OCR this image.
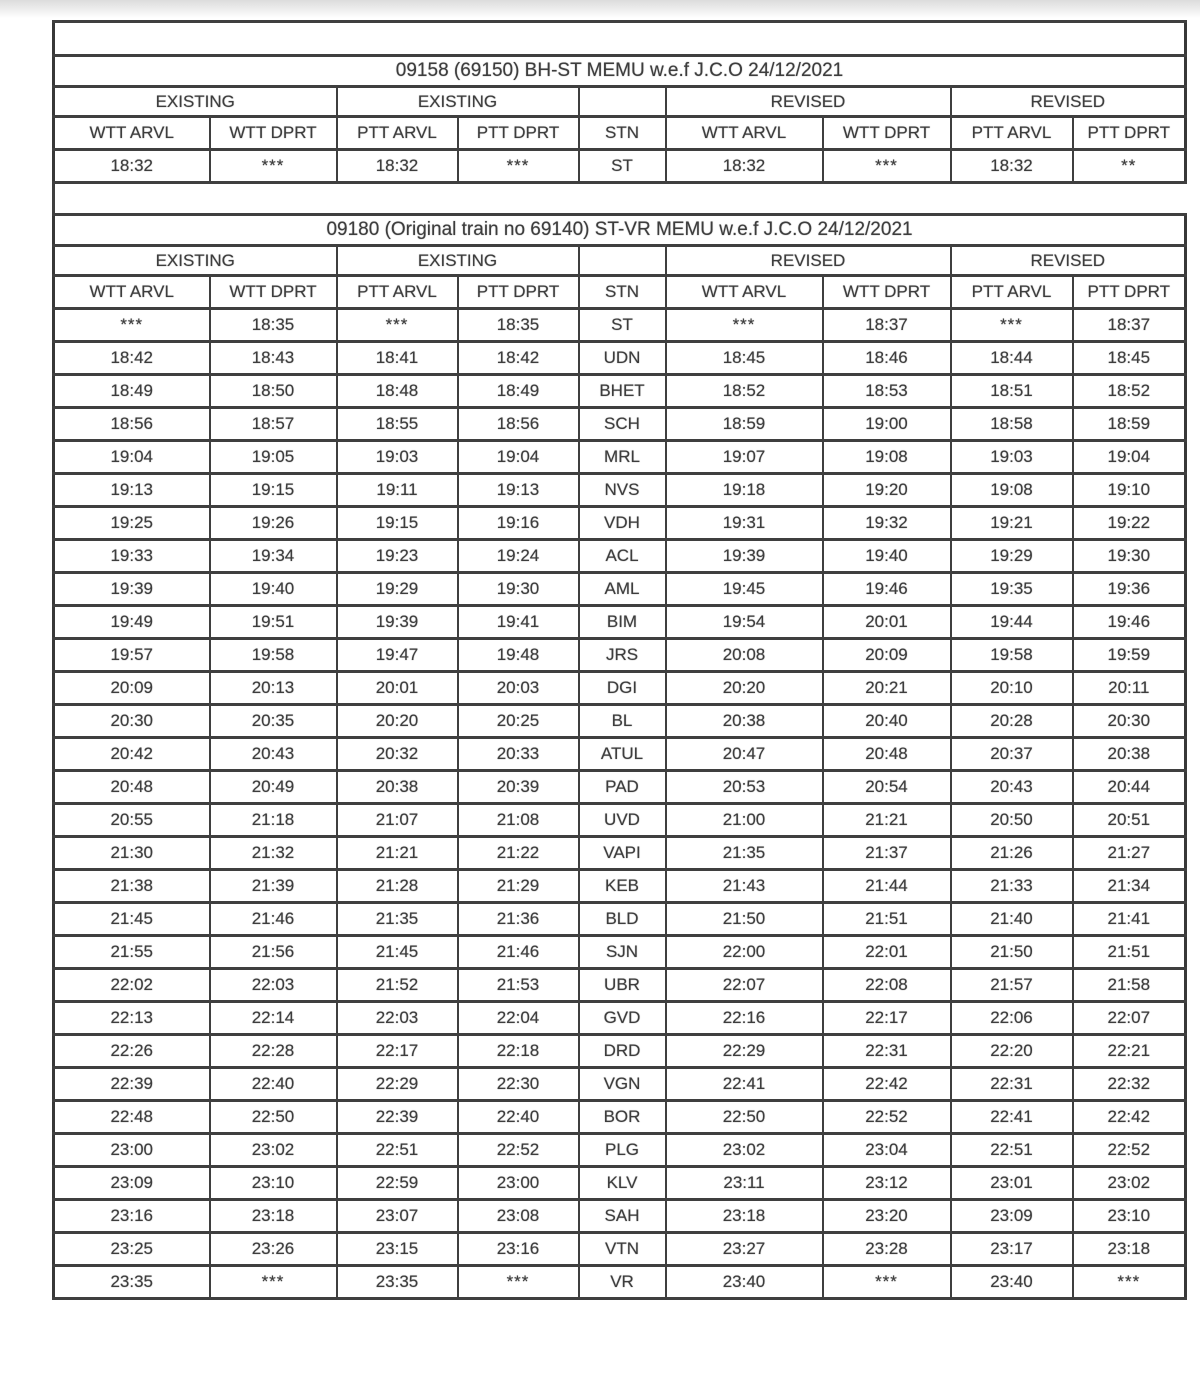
09158 (69150) BH-ST MEMU w.e.f J.C.O 24/12/2021								
EXISTING		EXISTING			REVISED		REVISED	
WTT ARVL	WTT DPRT	PTT ARVL	PTT DPRT	STN	WTT ARVL	WTT DPRT	PTT ARVL	PTT DPRT
18:32	***	18:32	***	ST	18:32	***	18:32	**
09180 (Original train no 69140) ST-VR MEMU w.e.f J.C.O 24/12/2021								
EXISTING		EXISTING			REVISED		REVISED	
WTT ARVL	WTT DPRT	PTT ARVL	PTT DPRT	STN	WTT ARVL	WTT DPRT	PTT ARVL	PTT DPRT
***	18:35	***	18:35	ST	***	18:37	***	18:37
18:42	18:43	18:41	18:42	UDN	18:45	18:46	18:44	18:45
18:49	18:50	18:48	18:49	BHET	18:52	18:53	18:51	18:52
18:56	18:57	18:55	18:56	SCH	18:59	19:00	18:58	18:59
19:04	19:05	19:03	19:04	MRL	19:07	19:08	19:03	19:04
19:13	19:15	19:11	19:13	NVS	19:18	19:20	19:08	19:10
19:25	19:26	19:15	19:16	VDH	19:31	19:32	19:21	19:22
19:33	19:34	19:23	19:24	ACL	19:39	19:40	19:29	19:30
19:39	19:40	19:29	19:30	AML	19:45	19:46	19:35	19:36
19:49	19:51	19:39	19:41	BIM	19:54	20:01	19:44	19:46
19:57	19:58	19:47	19:48	JRS	20:08	20:09	19:58	19:59
20:09	20:13	20:01	20:03	DGI	20:20	20:21	20:10	20:11
20:30	20:35	20:20	20:25	BL	20:38	20:40	20:28	20:30
20:42	20:43	20:32	20:33	ATUL	20:47	20:48	20:37	20:38
20:48	20:49	20:38	20:39	PAD	20:53	20:54	20:43	20:44
20:55	21:18	21:07	21:08	UVD	21:00	21:21	20:50	20:51
21:30	21:32	21:21	21:22	VAPI	21:35	21:37	21:26	21:27
21:38	21:39	21:28	21:29	KEB	21:43	21:44	21:33	21:34
21:45	21:46	21:35	21:36	BLD	21:50	21:51	21:40	21:41
21:55	21:56	21:45	21:46	SJN	22:00	22:01	21:50	21:51
22:02	22:03	21:52	21:53	UBR	22:07	22:08	21:57	21:58
22:13	22:14	22:03	22:04	GVD	22:16	22:17	22:06	22:07
22:26	22:28	22:17	22:18	DRD	22:29	22:31	22:20	22:21
22:39	22:40	22:29	22:30	VGN	22:41	22:42	22:31	22:32
22:48	22:50	22:39	22:40	BOR	22:50	22:52	22:41	22:42
23:00	23:02	22:51	22:52	PLG	23:02	23:04	22:51	22:52
23:09	23:10	22:59	23:00	KLV	23:11	23:12	23:01	23:02
23:16	23:18	23:07	23:08	SAH	23:18	23:20	23:09	23:10
23:25	23:26	23:15	23:16	VTN	23:27	23:28	23:17	23:18
23:35	***	23:35	***	VR	23:40	***	23:40	***
